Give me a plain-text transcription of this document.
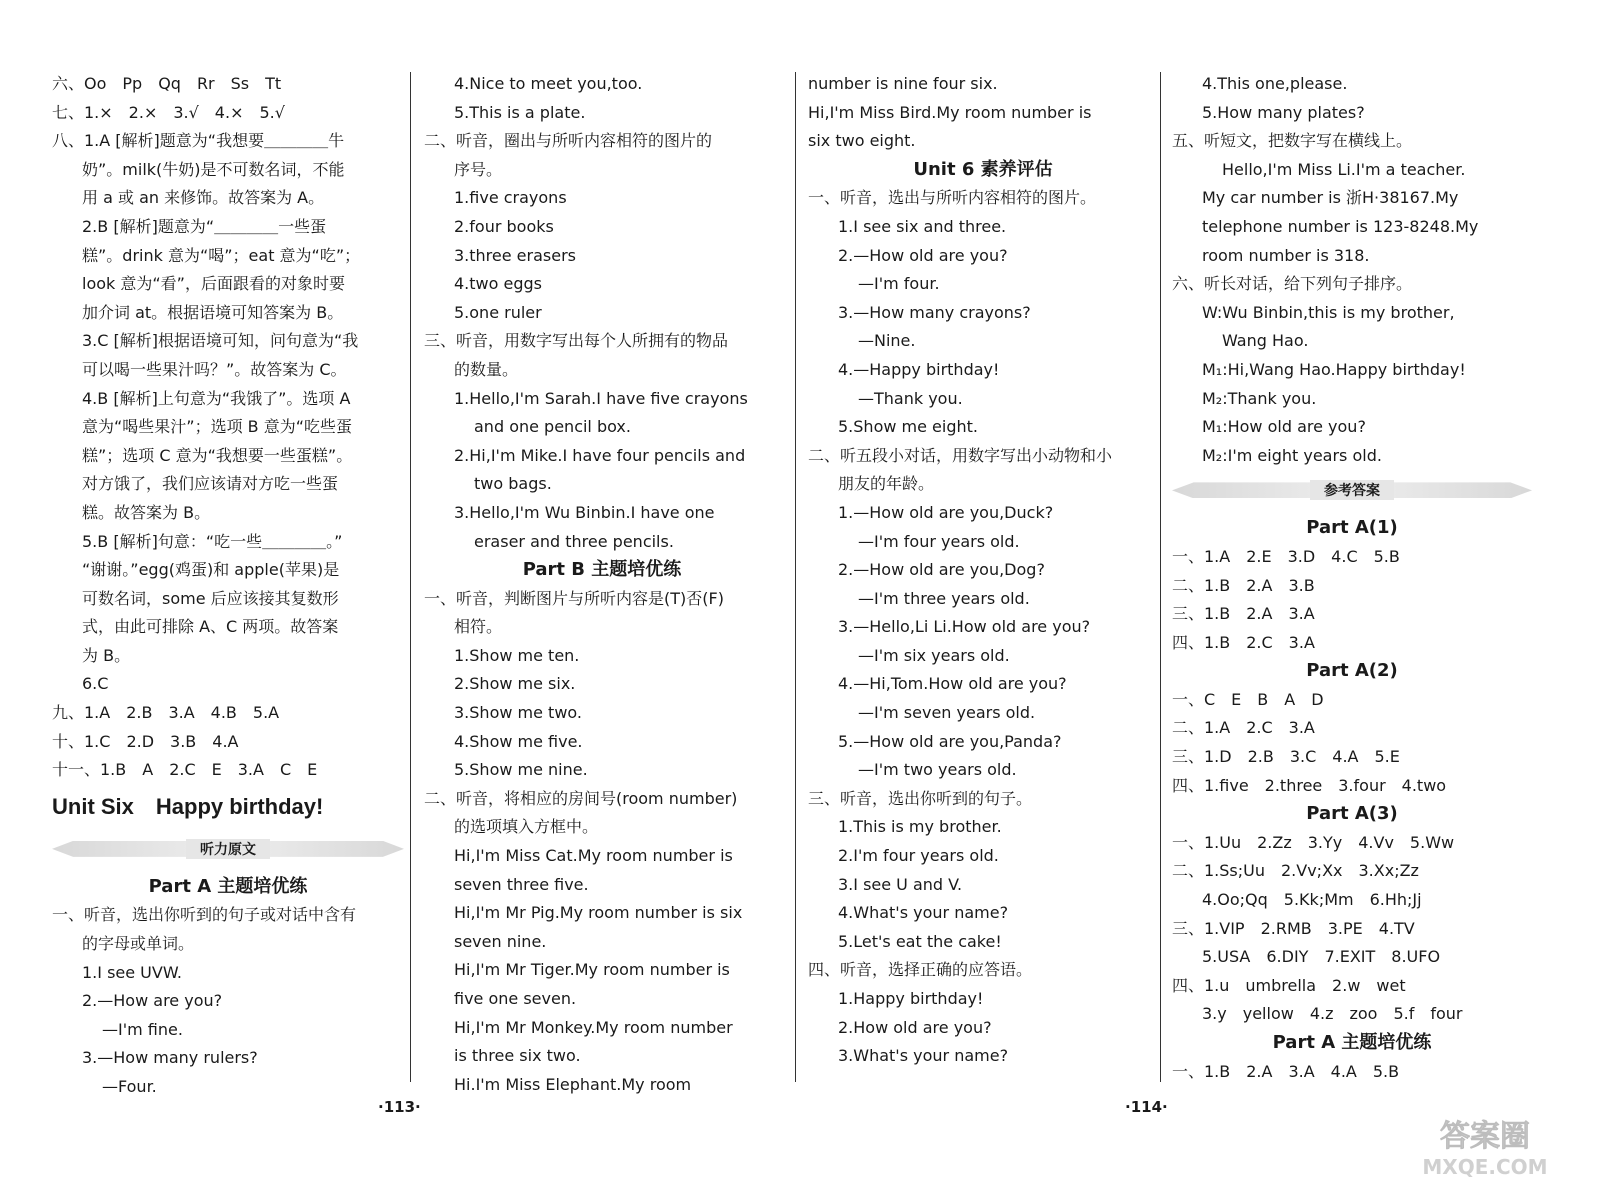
六、Oo　Pp　Qq　Rr　Ss　Tt
七、1.×　2.×　3.√　4.×　5.√
八、1.A [解析]题意为“我想要＿＿＿＿牛
奶”。milk(牛奶)是不可数名词，不能
用 a 或 an 来修饰。故答案为 A。
2.B [解析]题意为“＿＿＿＿一些蛋
糕”。drink 意为“喝”；eat 意为“吃”；
look 意为“看”，后面跟看的对象时要
加介词 at。根据语境可知答案为 B。
3.C [解析]根据语境可知，问句意为“我
可以喝一些果汁吗？”。故答案为 C。
4.B [解析]上句意为“我饿了”。选项 A
意为“喝些果汁”；选项 B 意为“吃些蛋
糕”；选项 C 意为“我想要一些蛋糕”。
对方饿了，我们应该请对方吃一些蛋
糕。故答案为 B。
5.B [解析]句意：“吃一些＿＿＿＿。”
“谢谢。”egg(鸡蛋)和 apple(苹果)是
可数名词，some 后应该接其复数形
式，由此可排除 A、C 两项。故答案
为 B。
6.C
九、1.A　2.B　3.A　4.B　5.A
十、1.C　2.D　3.B　4.A
十一、1.B　A　2.C　E　3.A　C　E
Unit Six　Happy birthday!
听力原文
Part A 主题培优练
一、听音，选出你听到的句子或对话中含有
的字母或单词。
1.I see UVW.
2.—How are you?
—I'm fine.
3.—How many rulers?
—Four.
4.Nice to meet you,too.
5.This is a plate.
二、听音，圈出与所听内容相符的图片的
序号。
1.five crayons
2.four books
3.three erasers
4.two eggs
5.one ruler
三、听音，用数字写出每个人所拥有的物品
的数量。
1.Hello,I'm Sarah.I have five crayons
and one pencil box.
2.Hi,I'm Mike.I have four pencils and
two bags.
3.Hello,I'm Wu Binbin.I have one
eraser and three pencils.
Part B 主题培优练
一、听音，判断图片与所听内容是(T)否(F)
相符。
1.Show me ten.
2.Show me six.
3.Show me two.
4.Show me five.
5.Show me nine.
二、听音，将相应的房间号(room number)
的选项填入方框中。
Hi,I'm Miss Cat.My room number is
seven three five.
Hi,I'm Mr Pig.My room number is six
seven nine.
Hi,I'm Mr Tiger.My room number is
five one seven.
Hi,I'm Mr Monkey.My room number
is three six two.
Hi.I'm Miss Elephant.My room
number is nine four six.
Hi,I'm Miss Bird.My room number is
six two eight.
Unit 6 素养评估
一、听音，选出与所听内容相符的图片。
1.I see six and three.
2.—How old are you?
—I'm four.
3.—How many crayons?
—Nine.
4.—Happy birthday!
—Thank you.
5.Show me eight.
二、听五段小对话，用数字写出小动物和小
朋友的年龄。
1.—How old are you,Duck?
—I'm four years old.
2.—How old are you,Dog?
—I'm three years old.
3.—Hello,Li Li.How old are you?
—I'm six years old.
4.—Hi,Tom.How old are you?
—I'm seven years old.
5.—How old are you,Panda?
—I'm two years old.
三、听音，选出你听到的句子。
1.This is my brother.
2.I'm four years old.
3.I see U and V.
4.What's your name?
5.Let's eat the cake!
四、听音，选择正确的应答语。
1.Happy birthday!
2.How old are you?
3.What's your name?
4.This one,please.
5.How many plates?
五、听短文，把数字写在横线上。
Hello,I'm Miss Li.I'm a teacher.
My car number is 浙H·38167.My
telephone number is 123-8248.My
room number is 318.
六、听长对话，给下列句子排序。
W:Wu Binbin,this is my brother,
Wang Hao.
M₁:Hi,Wang Hao.Happy birthday!
M₂:Thank you.
M₁:How old are you?
M₂:I'm eight years old.
参考答案
Part A(1)
一、1.A　2.E　3.D　4.C　5.B
二、1.B　2.A　3.B
三、1.B　2.A　3.A
四、1.B　2.C　3.A
Part A(2)
一、C　E　B　A　D
二、1.A　2.C　3.A
三、1.D　2.B　3.C　4.A　5.E
四、1.five　2.three　3.four　4.two
Part A(3)
一、1.Uu　2.Zz　3.Yy　4.Vv　5.Ww
二、1.Ss;Uu　2.Vv;Xx　3.Xx;Zz
4.Oo;Qq　5.Kk;Mm　6.Hh;Jj
三、1.VIP　2.RMB　3.PE　4.TV
5.USA　6.DIY　7.EXIT　8.UFO
四、1.u　umbrella　2.w　wet
3.y　yellow　4.z　zoo　5.f　four
Part A 主题培优练
一、1.B　2.A　3.A　4.A　5.B
·113·	·114·
答案圈
MXQE.COM
